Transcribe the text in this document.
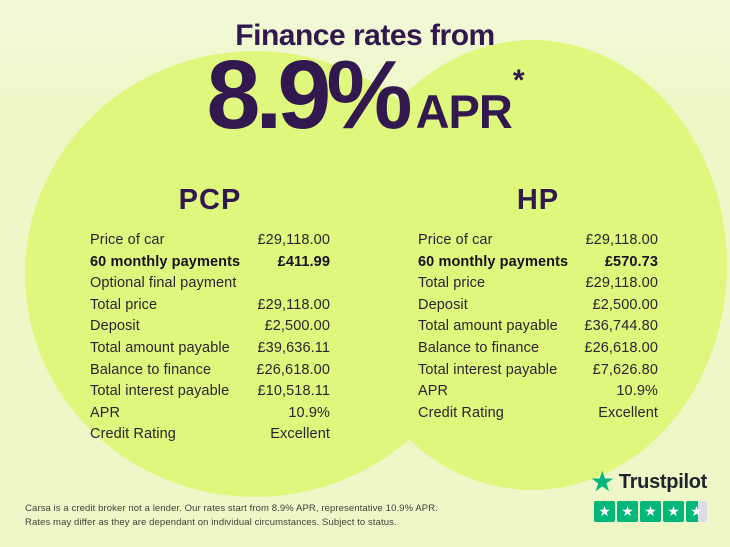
Finance rates from
8.9% APR*
PCP
Price of car	£29,118.00
60 monthly payments	£411.99
Optional final payment
Total price	£29,118.00
Deposit	£2,500.00
Total amount payable £39,636.11
Balance to finance	£26,618.00
Total interest payable £10,518.11
APR	10.9%
Credit Rating	Excellent
HP
Price of car	£29,118.00
60 monthly payments	£570.73
Total price	£29,118.00
Deposit	£2,500.00
Total amount payable £36,744.80
Balance to finance	£26,618.00
Total interest payable £7,626.80
APR	10.9%
Credit Rating	Excellent
Carsa is a credit broker not a lender. Our rates start from 8.9% APR, representative 10.9% APR.
Rates may differ as they are dependant on individual circumstances. Subject to status.
★ Trustpilot
★ ★ ★ ★ ★
